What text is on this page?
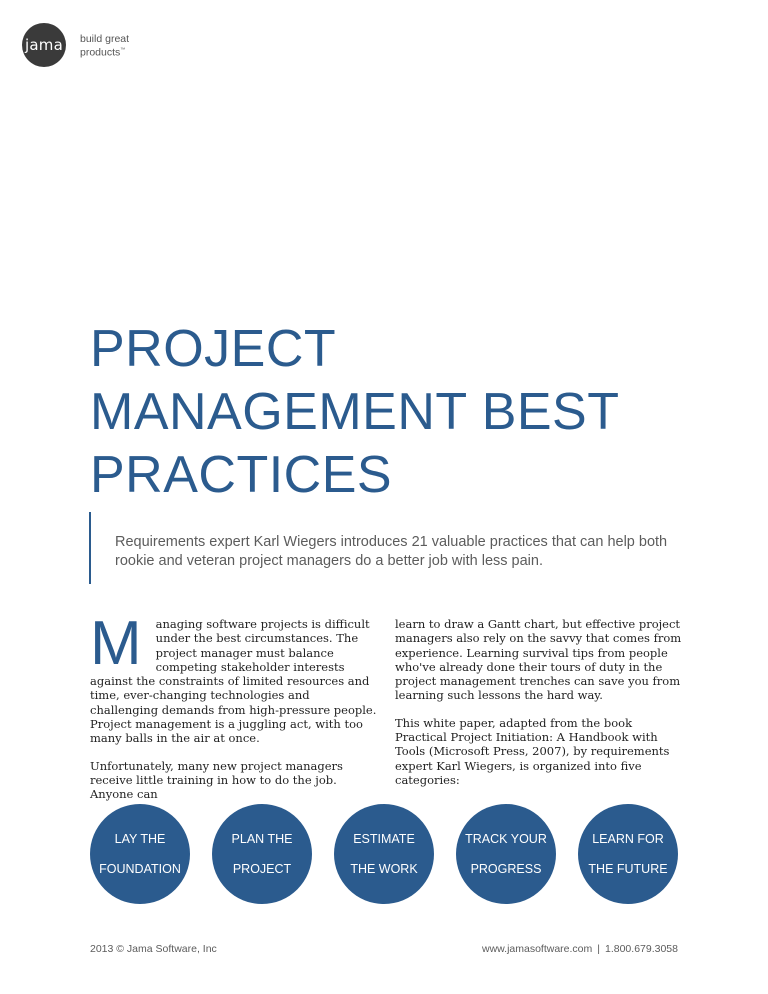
jama build great
products™
PROJECT
MANAGEMENT BEST
PRACTICES
Requirements expert Karl Wiegers introduces 21 valuable practices that can help both rookie and veteran project managers do a better job with less pain.

M	anaging software projects is difficult under the best circumstances. The project manager must balance competing stakeholder interests against the constraints of limited resources and time, ever-changing technologies and challenging demands from high-pressure people. Project management is a juggling act, with too many balls in the air at once.

Unfortunately, many new project managers receive little training in how to do the job. Anyone can

learn to draw a Gantt chart, but effective project managers also rely on the savvy that comes from experience. Learning survival tips from people who've already done their tours of duty in the project management trenches can save you from learning such lessons the hard way.

This white paper, adapted from the book Practical Project Initiation: A Handbook with Tools (Microsoft Press, 2007), by requirements expert Karl Wiegers, is organized into five categories:

LAY THE

FOUNDATION
PLAN THE

PROJECT
ESTIMATE

THE WORK
TRACK YOUR

PROGRESS
LEARN FOR

THE FUTURE
2013 © Jama Software, Inc	www.jamasoftware.com | 1.800.679.3058
